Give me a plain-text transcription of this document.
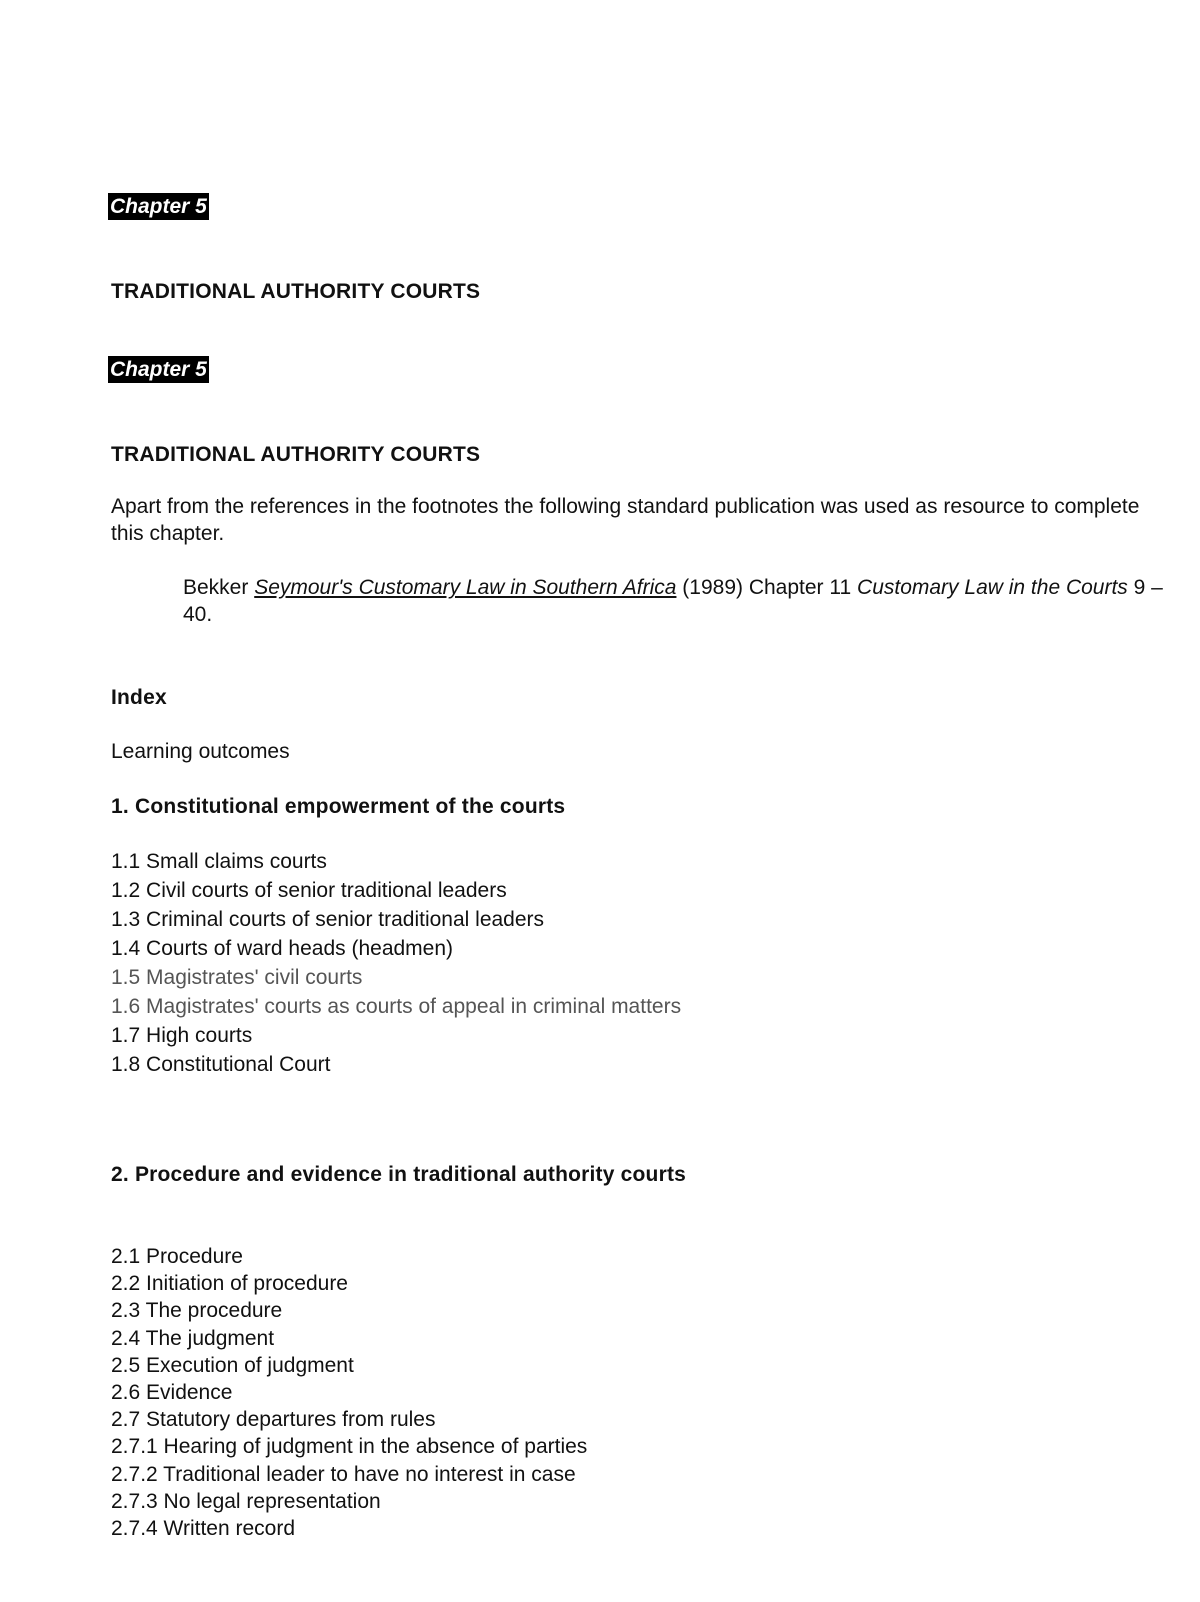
Chapter 5
TRADITIONAL AUTHORITY COURTS
Chapter 5
TRADITIONAL AUTHORITY COURTS

Apart from the references in the footnotes the following standard publication was used as resource to complete this chapter.

Bekker Seymour's Customary Law in Southern Africa (1989) Chapter 11 Customary Law in the Courts 9 – 40.

Index
Learning outcomes
1. Constitutional empowerment of the courts
1.1 Small claims courts
1.2 Civil courts of senior traditional leaders
1.3 Criminal courts of senior traditional leaders
1.4 Courts of ward heads (headmen)
1.5 Magistrates' civil courts
1.6 Magistrates' courts as courts of appeal in criminal matters
1.7 High courts
1.8 Constitutional Court
2. Procedure and evidence in traditional authority courts
2.1 Procedure
2.2 Initiation of procedure
2.3 The procedure
2.4 The judgment
2.5 Execution of judgment
2.6 Evidence
2.7 Statutory departures from rules
2.7.1 Hearing of judgment in the absence of parties
2.7.2 Traditional leader to have no interest in case
2.7.3 No legal representation
2.7.4 Written record
